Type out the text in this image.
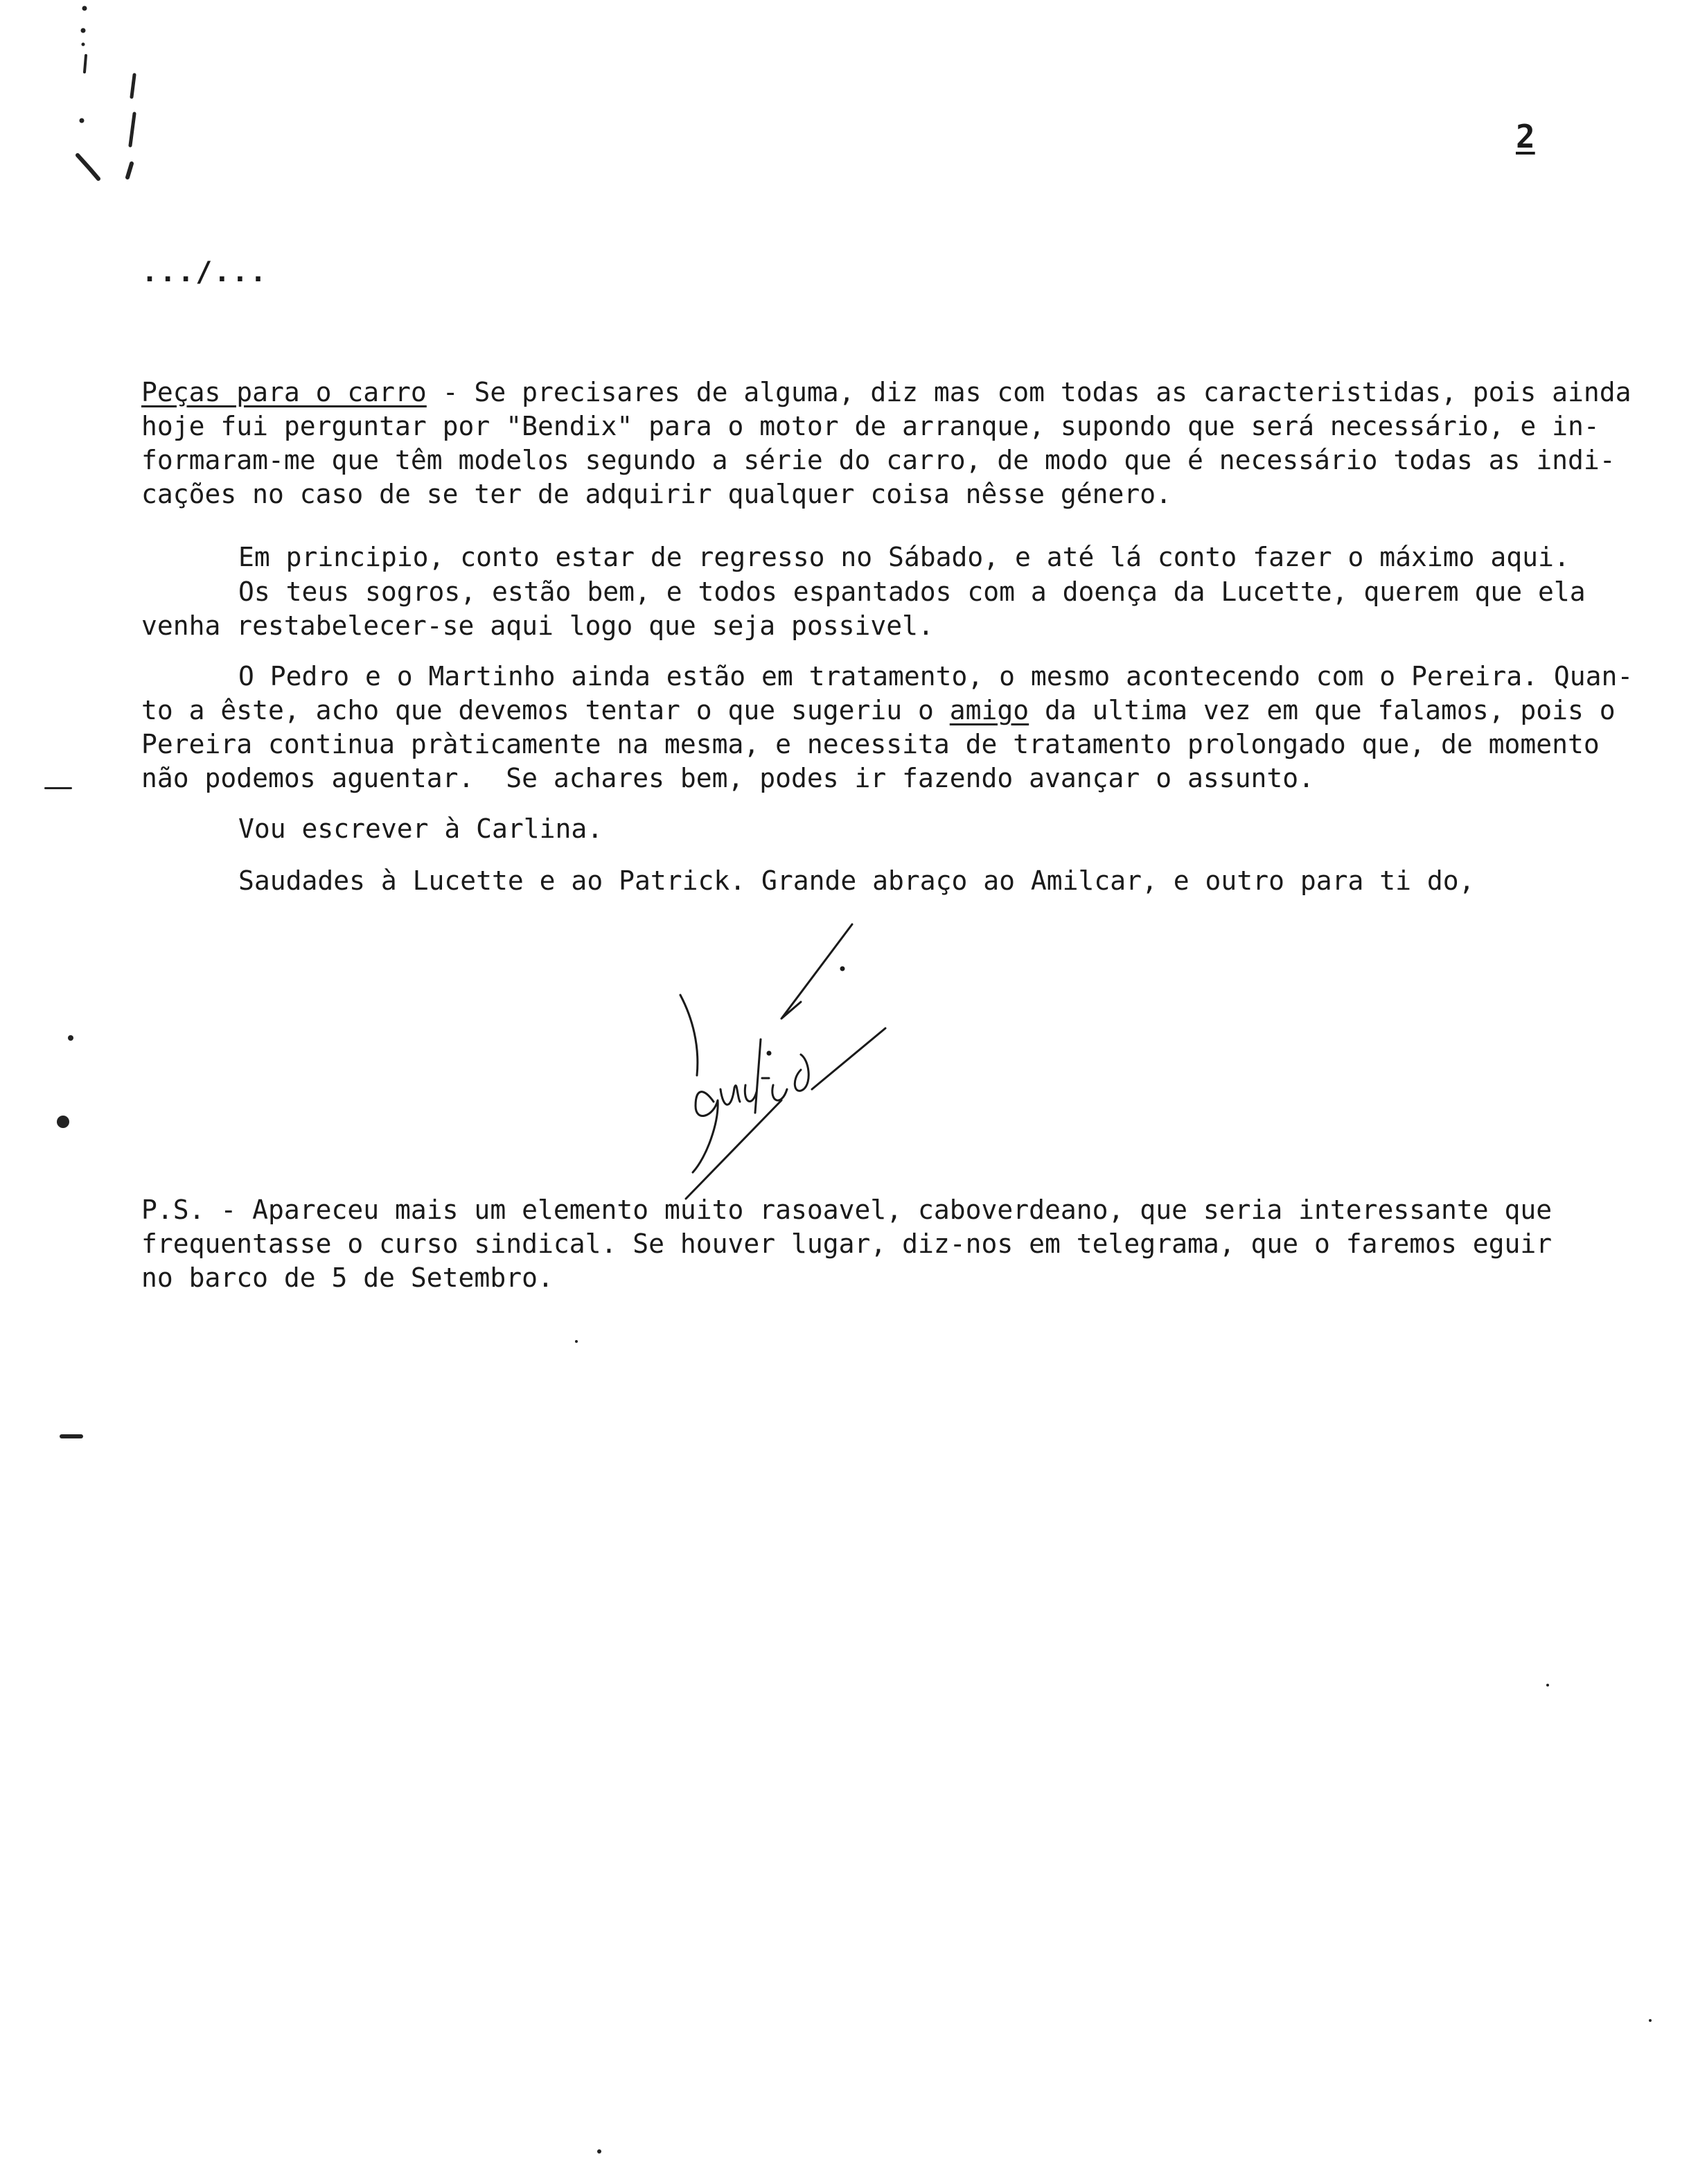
2
.../...
Peças para o carro - Se precisares de alguma, diz mas com todas as caracteristidas, pois ainda
hoje fui perguntar por "Bendix" para o motor de arranque, supondo que será necessário, e in-
formaram-me que têm modelos segundo a série do carro, de modo que é necessário todas as indi-
cações no caso de se ter de adquirir qualquer coisa nêsse género.
Em principio, conto estar de regresso no Sábado, e até lá conto fazer o máximo aqui.
Os teus sogros, estão bem, e todos espantados com a doença da Lucette, querem que ela
venha restabelecer-se aqui logo que seja possivel.
O Pedro e o Martinho ainda estão em tratamento, o mesmo acontecendo com o Pereira. Quan-
to a êste, acho que devemos tentar o que sugeriu o amigo da ultima vez em que falamos, pois o
Pereira continua pràticamente na mesma, e necessita de tratamento prolongado que, de momento
não podemos aguentar.  Se achares bem, podes ir fazendo avançar o assunto.
Vou escrever à Carlina.
Saudades à Lucette e ao Patrick. Grande abraço ao Amilcar, e outro para ti do,
P.S. - Apareceu mais um elemento muito rasoavel, caboverdeano, que seria interessante que
frequentasse o curso sindical. Se houver lugar, diz-nos em telegrama, que o faremos eguir
no barco de 5 de Setembro.
